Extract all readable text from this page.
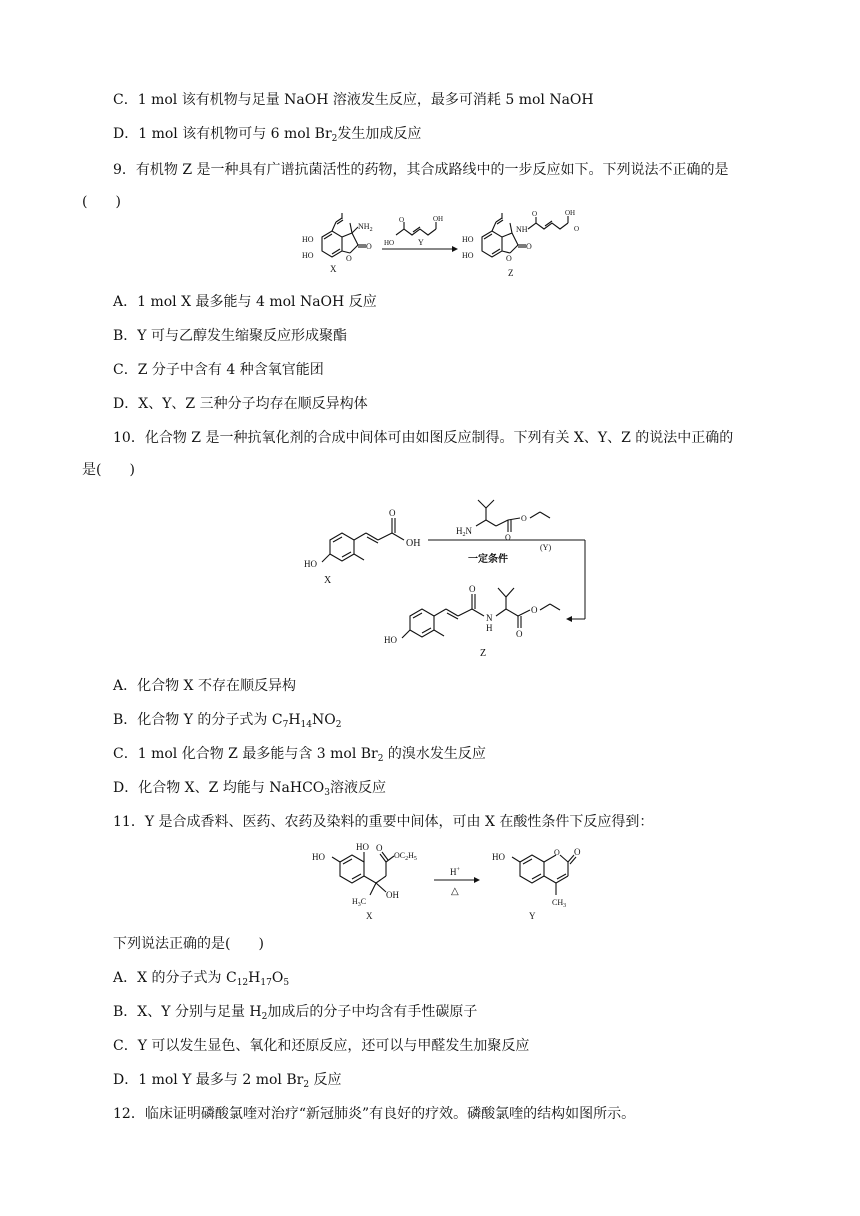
C．1 mol 该有机物与足量 NaOH 溶液发生反应，最多可消耗 5 mol NaOH
D．1 mol 该有机物可与 6 mol $Br_2$发生加成反应
9．有机物 Z 是一种具有广谱抗菌活性的药物，其合成路线中的一步反应如下。下列说法不正确的是
(　　)
HO
HO
$NH_2$
O
O
X
HO
O	OH
Y	HO
HO
NH
O
O
O	OH
O
Z
A．1 mol X 最多能与 4 mol NaOH 反应
B．Y 可与乙醇发生缩聚反应形成聚酯
C．Z 分子中含有 4 种含氧官能团
D．X、Y、Z 三种分子均存在顺反异构体
10．化合物 Z 是一种抗氧化剂的合成中间体可由如图反应制得。下列有关 X、Y、Z 的说法中正确的
是(　　)
HO
O
OH
X
一定条件
$H_2N$
O
O
(Y)
HO
O
N
H
O
O
Z
A．化合物 X 不存在顺反异构
B．化合物 Y 的分子式为 $C_7H_{14}NO_2$
C．1 mol 化合物 Z 最多能与含 3 mol $Br_2$ 的溴水发生反应
D．化合物 X、Z 均能与 NaHCO$_3$溶液反应
11．Y 是合成香料、医药、农药及染料的重要中间体，可由 X 在酸性条件下反应得到：
HO
HO O
$OC_2H_5$
$H_3C$
OH
X
H+
△
HO	O O
$CH_3$
Y
下列说法正确的是(　　)
A．X 的分子式为 $C_{12}H_{17}O_5$
B．X、Y 分别与足量 $H_2$加成后的分子中均含有手性碳原子
C．Y 可以发生显色、氧化和还原反应，还可以与甲醛发生加聚反应
D．1 mol Y 最多与 2 mol $Br_2$ 反应
12．临床证明磷酸氯喹对治疗“新冠肺炎”有良好的疗效。磷酸氯喹的结构如图所示。
